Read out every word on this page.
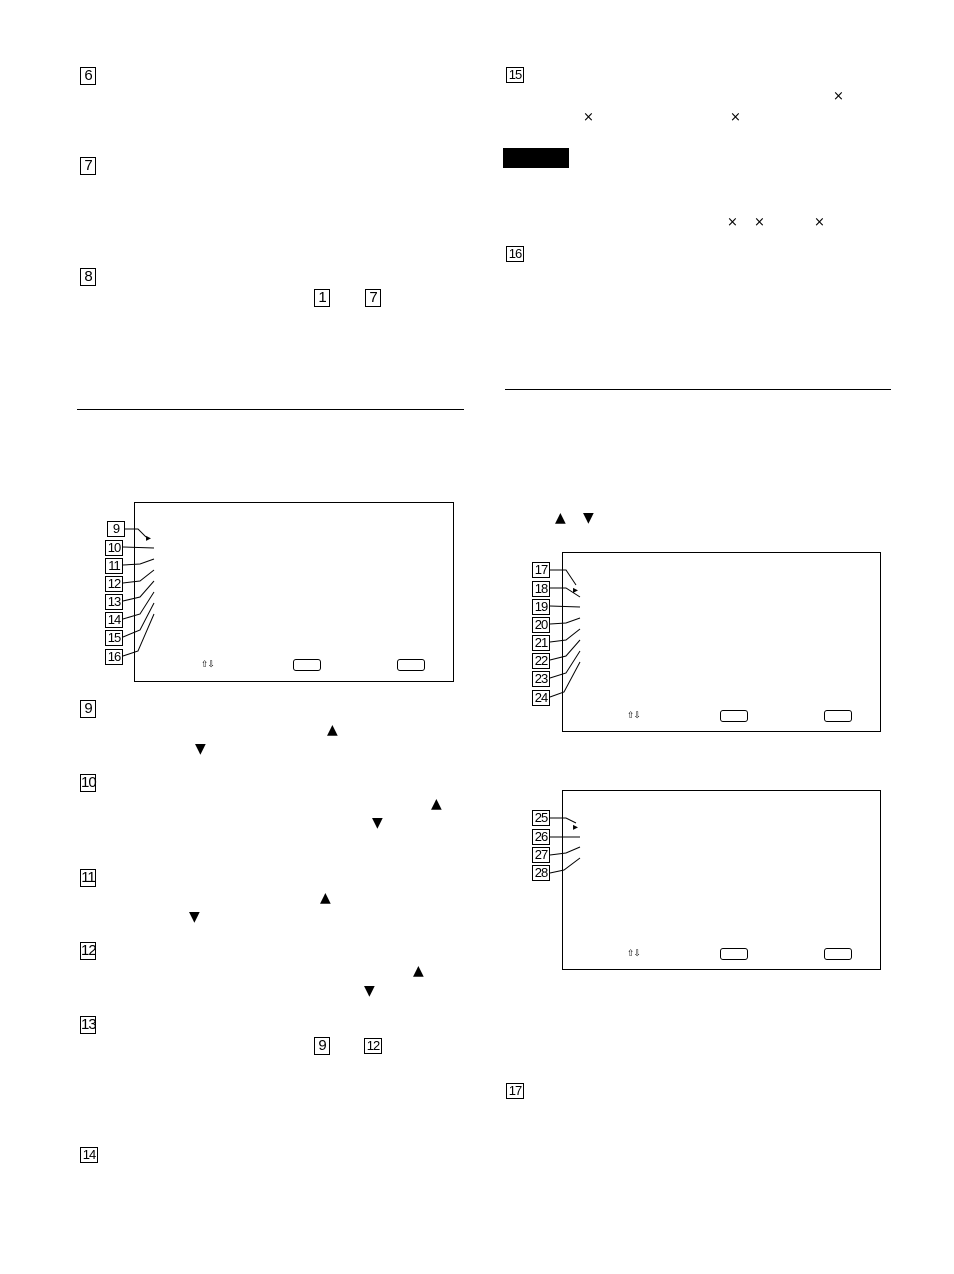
6
7
8
1	7
▸
⇧⇩
9
10
11
12
13
14
15
16
9
▲
▼
10
▲
▼
11
▲
▼
12
▲
▼
13
9	12
14
15
×
×	×
× ×	×
16
▲ ▼
▸
⇧⇩
17
18
19
20
21
22
23
24
▸
⇧⇩
25
26
27
28
17
